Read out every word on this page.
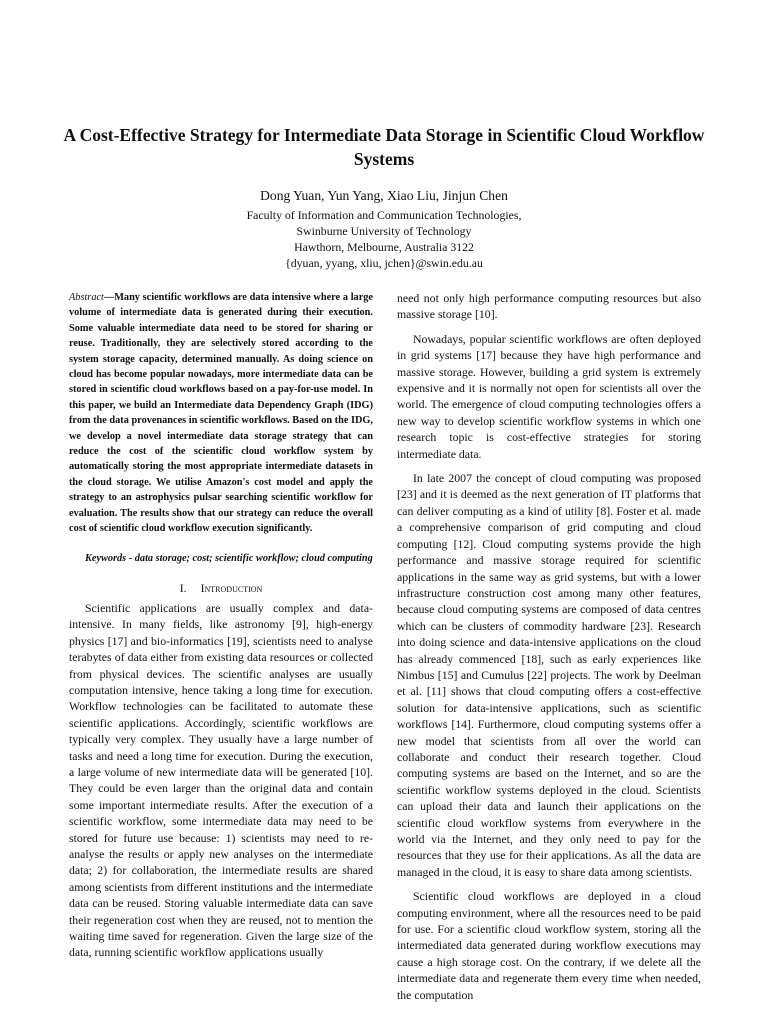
A Cost-Effective Strategy for Intermediate Data Storage in Scientific Cloud Workflow Systems
Dong Yuan, Yun Yang, Xiao Liu, Jinjun Chen
Faculty of Information and Communication Technologies,
Swinburne University of Technology
Hawthorn, Melbourne, Australia 3122
{dyuan, yyang, xliu, jchen}@swin.edu.au

Abstract—Many scientific workflows are data intensive where a large volume of intermediate data is generated during their execution. Some valuable intermediate data need to be stored for sharing or reuse. Traditionally, they are selectively stored according to the system storage capacity, determined manually. As doing science on cloud has become popular nowadays, more intermediate data can be stored in scientific cloud workflows based on a pay-for-use model. In this paper, we build an Intermediate data Dependency Graph (IDG) from the data provenances in scientific workflows. Based on the IDG, we develop a novel intermediate data storage strategy that can reduce the cost of the scientific cloud workflow system by automatically storing the most appropriate intermediate datasets in the cloud storage. We utilise Amazon's cost model and apply the strategy to an astrophysics pulsar searching scientific workflow for evaluation. The results show that our strategy can reduce the overall cost of scientific cloud workflow execution significantly.

Keywords - data storage; cost; scientific workflow; cloud computing

I. Introduction

Scientific applications are usually complex and data-intensive. In many fields, like astronomy [9], high-energy physics [17] and bio-informatics [19], scientists need to analyse terabytes of data either from existing data resources or collected from physical devices. The scientific analyses are usually computation intensive, hence taking a long time for execution. Workflow technologies can be facilitated to automate these scientific applications. Accordingly, scientific workflows are typically very complex. They usually have a large number of tasks and need a long time for execution. During the execution, a large volume of new intermediate data will be generated [10]. They could be even larger than the original data and contain some important intermediate results. After the execution of a scientific workflow, some intermediate data may need to be stored for future use because: 1) scientists may need to re-analyse the results or apply new analyses on the intermediate data; 2) for collaboration, the intermediate results are shared among scientists from different institutions and the intermediate data can be reused. Storing valuable intermediate data can save their regeneration cost when they are reused, not to mention the waiting time saved for regeneration. Given the large size of the data, running scientific workflow applications usually

need not only high performance computing resources but also massive storage [10].

Nowadays, popular scientific workflows are often deployed in grid systems [17] because they have high performance and massive storage. However, building a grid system is extremely expensive and it is normally not open for scientists all over the world. The emergence of cloud computing technologies offers a new way to develop scientific workflow systems in which one research topic is cost-effective strategies for storing intermediate data.

In late 2007 the concept of cloud computing was proposed [23] and it is deemed as the next generation of IT platforms that can deliver computing as a kind of utility [8]. Foster et al. made a comprehensive comparison of grid computing and cloud computing [12]. Cloud computing systems provide the high performance and massive storage required for scientific applications in the same way as grid systems, but with a lower infrastructure construction cost among many other features, because cloud computing systems are composed of data centres which can be clusters of commodity hardware [23]. Research into doing science and data-intensive applications on the cloud has already commenced [18], such as early experiences like Nimbus [15] and Cumulus [22] projects. The work by Deelman et al. [11] shows that cloud computing offers a cost-effective solution for data-intensive applications, such as scientific workflows [14]. Furthermore, cloud computing systems offer a new model that scientists from all over the world can collaborate and conduct their research together. Cloud computing systems are based on the Internet, and so are the scientific workflow systems deployed in the cloud. Scientists can upload their data and launch their applications on the scientific cloud workflow systems from everywhere in the world via the Internet, and they only need to pay for the resources that they use for their applications. As all the data are managed in the cloud, it is easy to share data among scientists.

Scientific cloud workflows are deployed in a cloud computing environment, where all the resources need to be paid for use. For a scientific cloud workflow system, storing all the intermediated data generated during workflow executions may cause a high storage cost. On the contrary, if we delete all the intermediate data and regenerate them every time when needed, the computation
